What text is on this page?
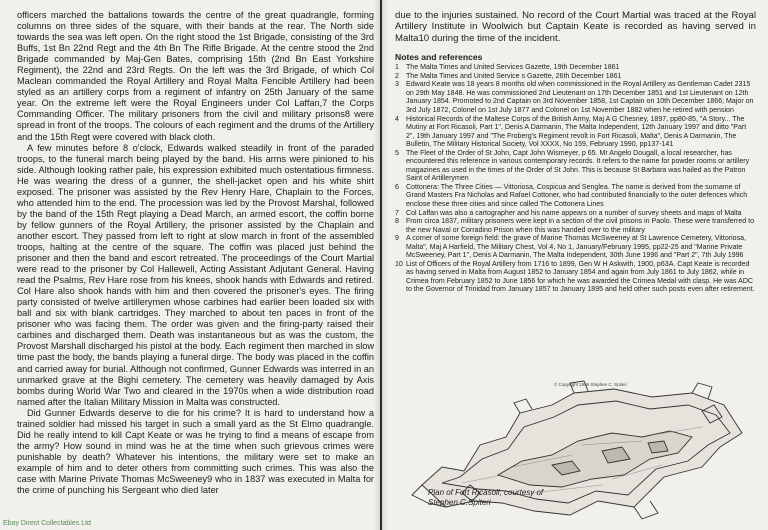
officers marched the battalions towards the centre of the great quadrangle, forming columns on three sides of the square, with their bands at the rear. The North side towards the sea was left open. On the right stood the 1st Brigade, consisting of the 3rd Buffs, 1st Bn 22nd Regt and the 4th Bn The Rifle Brigade. At the centre stood the 2nd Brigade commanded by Maj-Gen Bates, comprising 15th (2nd Bn East Yorkshire Regiment), the 22nd and 23rd Regts. On the left was the 3rd Brigade, of which Col Maclean commanded the Royal Artillery and Royal Malta Fencible Artillery had been styled as an artillery corps from a regiment of infantry on 25th January of the same year. On the extreme left were the Royal Engineers under Col Laffan,7 the Corps Commanding Officer. The military prisoners from the civil and military prisons8 were spread in front of the troops. The colours of each regiment and the drums of the Artillery and the 15th Regt were covered with black cloth.

A few minutes before 8 o'clock, Edwards walked steadily in front of the paraded troops, to the funeral march being played by the band. His arms were pinioned to his side. Although looking rather pale, his expression exhibited much ostentatious firmness. He was wearing the dress of a gunner, the shell-jacket open and his white shirt exposed. The prisoner was assisted by the Rev Henry Hare, Chaplain to the Forces, who attended him to the end. The procession was led by the Provost Marshal, followed by the band of the 15th Regt playing a Dead March, an armed escort, the coffin borne by fellow gunners of the Royal Artillery, the prisoner assisted by the Chaplain and another escort. They passed from left to right at slow march in front of the assembled troops, halting at the centre of the square. The coffin was placed just behind the prisoner and then the band and escort retreated. The proceedings of the Court Martial were read to the prisoner by Col Hallewell, Acting Assistant Adjutant General. Having read the Psalms, Rev Hare rose from his knees, shook hands with Edwards and retired. Col Hare also shook hands with him and then covered the prisoner's eyes. The firing party consisted of twelve artillerymen whose carbines had earlier been loaded six with ball and six with blank cartridges. They marched to about ten paces in front of the prisoner who was facing them. The order was given and the firing-party raised their carbines and discharged them. Death was instantaneous but as was the custom, the Provost Marshall discharged his pistol at the body. Each regiment then marched in slow time past the body, the bands playing a funeral dirge. The body was placed in the coffin and carried away for burial. Although not confirmed, Gunner Edwards was interred in an unmarked grave at the Bighi cemetery. The cemetery was heavily damaged by Axis bombs during World War Two and cleared in the 1970s when a wide distribution road named after the Italian Military Mission in Malta was constructed.

Did Gunner Edwards deserve to die for his crime? It is hard to understand how a trained soldier had missed his target in such a small yard as the St Elmo quadrangle. Did he really intend to kill Capt Keate or was he trying to find a means of escape from the army? How sound in mind was he at the time when such grievous crimes were punishable by death? Whatever his intentions, the military were set to make an example of him and to deter others from committing such crimes. This was also the case with Marine Private Thomas McSweeney9 who in 1837 was executed in Malta for the crime of punching his Sergeant who died later

Ebay Direct Collectables Ltd

due to the injuries sustained. No record of the Court Martial was traced at the Royal Artillery Institute in Woolwich but Captain Keate is recorded as having served in Malta10 during the time of the incident.

Notes and references
1	The Malta Times and United Services Gazette, 19th December 1861
2	The Malta Times and United Service s Gazette, 26th December 1861
3	Edward Keate was 18 years 8 months old when commissioned in the Royal Artillery as Gentleman Cadet 2315 on 29th May 1848. He was commissioned 2nd Lieutenant on 17th December 1851 and 1st Lieutenant on 12th January 1854. Promoted to 2nd Captain on 3rd November 1858, 1st Captain on 10th December 1866; Major on 3rd July 1872, Colonel on 1st July 1877 and Colonel on 1st November 1882 when he retired with pension
4	Historical Records of the Maltese Corps of the British Army, Maj A G Chesney, 1897, pp80-85, "A Story... The Mutiny at Fort Ricasoli, Part 1", Denis A Darmanin, The Malta Independent, 12th January 1997 and ditto "Part 2", 19th January 1997 and "The Froberg's Regiment revolt in Fort Ricasoli, Malta", Denis A Darmanin, The Bulletin, The Military Historical Society, Vol XXXX, No 159, February 1990, pp137-141
5	The Fleet of the Order of St John, Capt John Wismeyer, p 65. Mr Angelo Dougall, a local researcher, has encountered this reference in various contemporary records. It refers to the name for powder rooms or artillery magazines as used in the times of the Order of St John. This is because St Barbara was hailed as the Patron Saint of Artillerymen
6	Cottonera: The Three Cities — Vittoriosa, Cospicua and Senglea. The name is derived from the surname of Grand Masters Fra Nicholas and Rafael Cottoner, who had contributed financially to the outer defences which enclose these three cities and since called The Cottonera Lines
7	Col Laffan was also a cartographer and his name appears on a number of survey sheets and maps of Malta
8	From circa 1837, military prisoners were kept in a section of the civil prisons in Paolo. These were transferred to the new Naval or Corradino Prison when this was handed over to the military
9	A corner of some foreign field: the grave of Marine Thomas McSweeney at St Lawrence Cemetery, Vittoriosa, Malta", Maj A Harfield, The Military Chest, Vol 4, No 1, January/February 1995, pp22-25 and "Marine Private McSweeney, Part 1", Denis A Darmanin, The Malta Independent, 30th June 1996 and "Part 2", 7th July 1996
10 List of Officers of the Royal Artillery from 1716 to 1899, Gen W H Askwith, 1900, p63A. Capt Keate is recorded as having served in Malta from August 1852 to January 1854 and again from July 1861 to July 1862, while in Crimea from February 1852 to June 1856 for which he was awarded the Crimea Medal with clasp. He was ADC to the Governor of Trinidad from January 1857 to January 1895 and held other such posts even after retirement.
© Copyright 1996 Stephen C. Spiteri
Plan of Fort Ricasoli, courtesy of Stephen C.Spiteri
